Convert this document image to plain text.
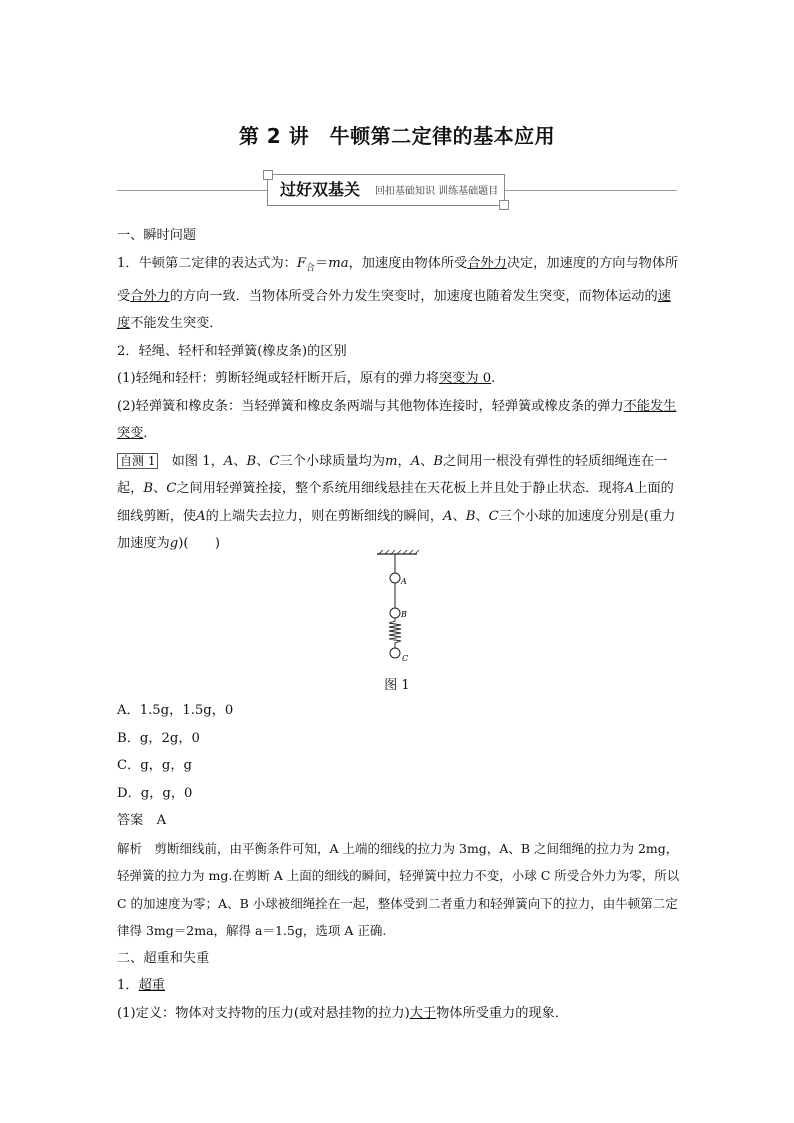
第 2 讲　牛顿第二定律的基本应用
过好双基关	回扣基础知识 训练基础题目

一、瞬时问题

1．牛顿第二定律的表达式为：$F_合=ma$，加速度由物体所受合外力决定，加速度的方向与物体所受合外力的方向一致．当物体所受合外力发生突变时，加速度也随着发生突变，而物体运动的速度不能发生突变．

2．轻绳、轻杆和轻弹簧(橡皮条)的区别

(1)轻绳和轻杆：剪断轻绳或轻杆断开后，原有的弹力将突变为 0.

(2)轻弹簧和橡皮条：当轻弹簧和橡皮条两端与其他物体连接时，轻弹簧或橡皮条的弹力不能发生突变．

自测 1　如图 1，A、B、C三个小球质量均为m，A、B之间用一根没有弹性的轻质细绳连在一起，B、C之间用轻弹簧拴接，整个系统用细线悬挂在天花板上并且处于静止状态．现将A上面的细线剪断，使A的上端失去拉力，则在剪断细线的瞬间，A、B、C三个小球的加速度分别是(重力加速度为g)(　　)

A
B
C
图 1

A．1.5g，1.5g，0

B．g，2g，0

C．g，g，g

D．g，g，0

答案　 A

解析　 剪断细线前，由平衡条件可知，A 上端的细线的拉力为 3mg，A、B 之间细绳的拉力为 2mg，轻弹簧的拉力为 mg.在剪断 A 上面的细线的瞬间，轻弹簧中拉力不变，小球 C 所受合外力为零，所以 C 的加速度为零；A、B 小球被细绳拴在一起，整体受到二者重力和轻弹簧向下的拉力，由牛顿第二定律得 3mg＝2ma，解得 a＝1.5g，选项 A 正确.

二、超重和失重

1．超重

(1)定义：物体对支持物的压力(或对悬挂物的拉力)大于物体所受重力的现象．
